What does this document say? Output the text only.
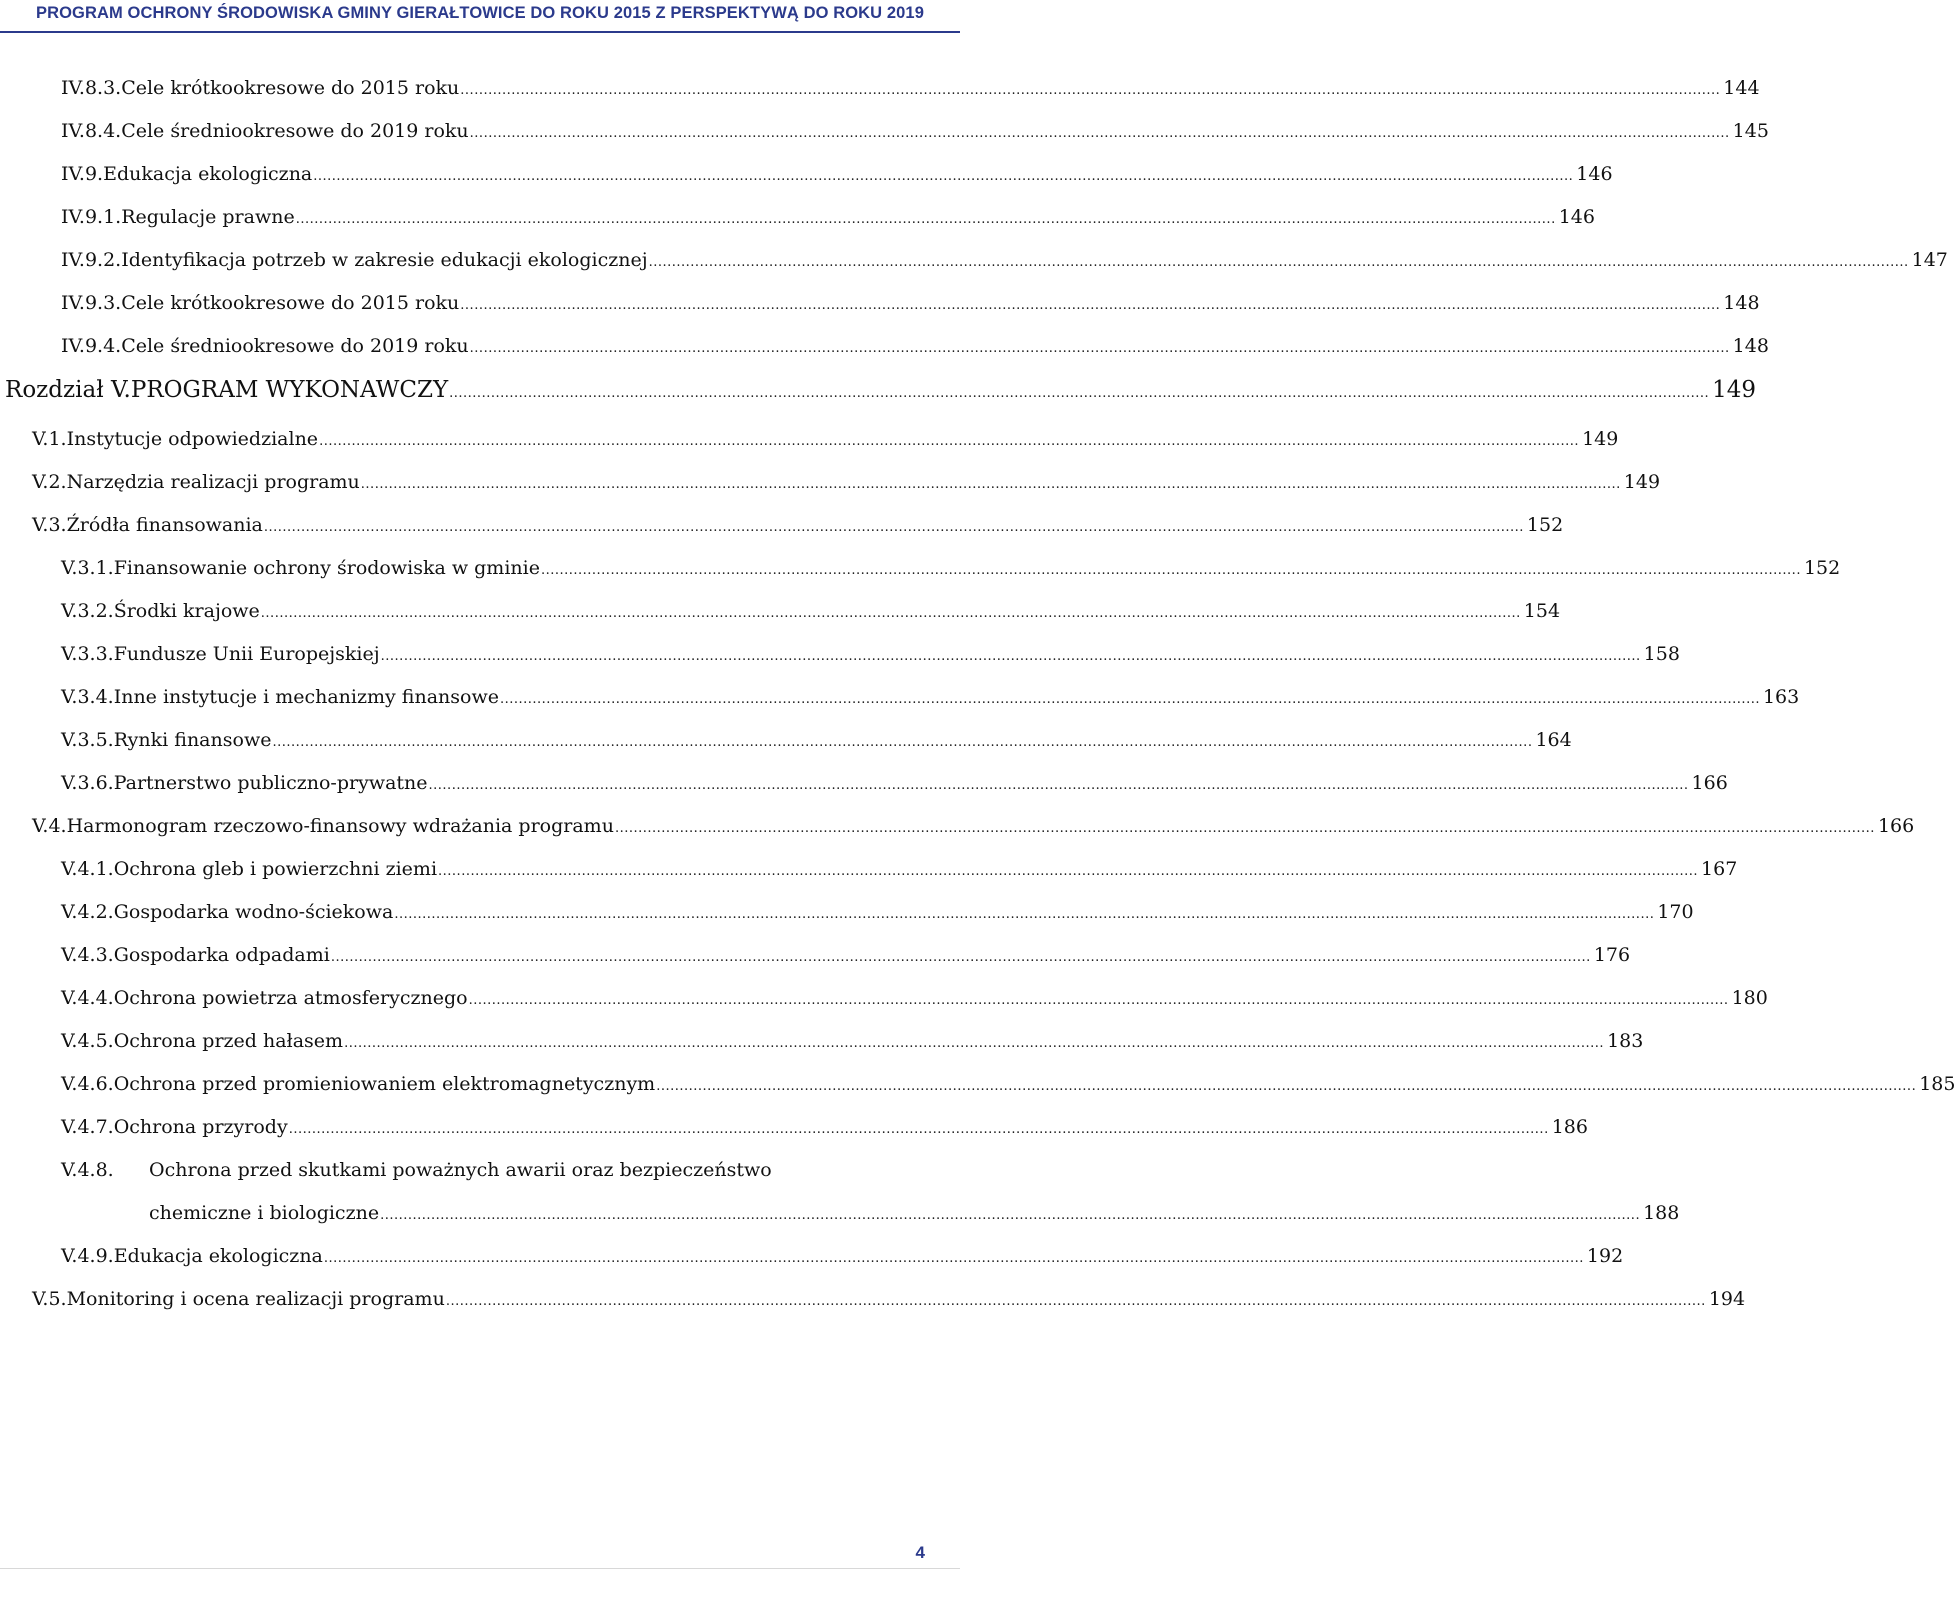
PROGRAM OCHRONY ŚRODOWISKA GMINY GIERAŁTOWICE DO ROKU 2015 Z PERSPEKTYWĄ DO ROKU 2019
IV.8.3. Cele krótkookresowe do 2015 roku .....	144
IV.8.4. Cele średniookresowe do 2019 roku .....	145
IV.9. Edukacja ekologiczna .....	146
IV.9.1. Regulacje prawne .....	146
IV.9.2. Identyfikacja potrzeb w zakresie edukacji ekologicznej .....	147
IV.9.3. Cele krótkookresowe do 2015 roku .....	148
IV.9.4. Cele średniookresowe do 2019 roku .....	148
Rozdział V. PROGRAM WYKONAWCZY .....	149
V.1. Instytucje odpowiedzialne .....	149
V.2. Narzędzia realizacji programu .....	149
V.3. Źródła finansowania .....	152
V.3.1. Finansowanie ochrony środowiska w gminie .....	152
V.3.2. Środki krajowe .....	154
V.3.3. Fundusze Unii Europejskiej .....	158
V.3.4. Inne instytucje i mechanizmy finansowe .....	163
V.3.5. Rynki finansowe .....	164
V.3.6. Partnerstwo publiczno-prywatne .....	166
V.4. Harmonogram rzeczowo-finansowy wdrażania programu .....	166
V.4.1. Ochrona gleb i powierzchni ziemi .....	167
V.4.2. Gospodarka wodno-ściekowa .....	170
V.4.3. Gospodarka odpadami .....	176
V.4.4. Ochrona powietrza atmosferycznego .....	180
V.4.5. Ochrona przed hałasem .....	183
V.4.6. Ochrona przed promieniowaniem elektromagnetycznym .....	185
V.4.7. Ochrona przyrody .....	186
V.4.8.	Ochrona przed skutkami poważnych awarii oraz bezpieczeństwo
chemiczne i biologiczne .....	188
V.4.9. Edukacja ekologiczna .....	192
V.5. Monitoring i ocena realizacji programu .....	194
4
